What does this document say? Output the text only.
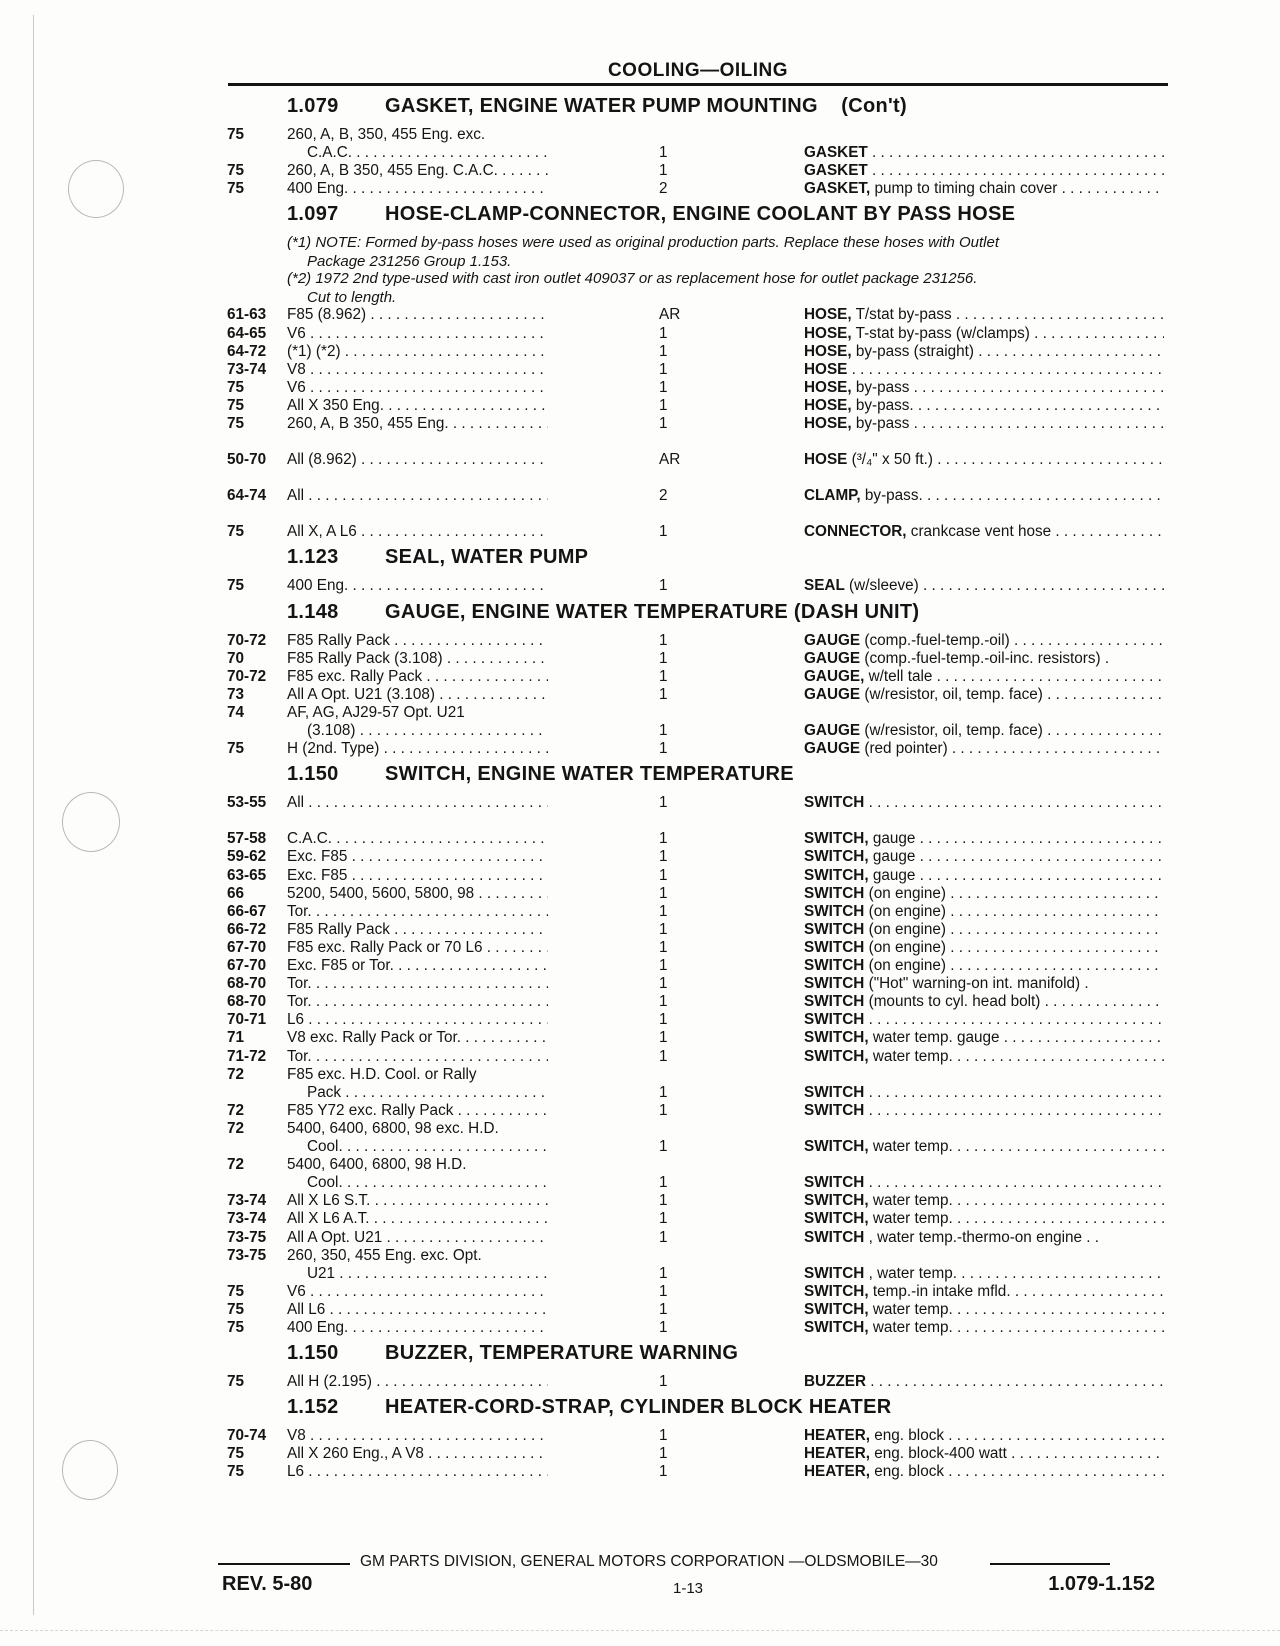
COOLING—OILING
1.079 GASKET, ENGINE WATER PUMP MOUNTING (Con't)
75	260, A, B, 350, 455 Eng. exc.
C.A.C. . . .	1	GASKET . . .
75	260, A, B 350, 455 Eng. C.A.C. . . .	1	GASKET . . .
75	400 Eng. . . .	2	GASKET, pump to timing chain cover . . .
1.097 HOSE-CLAMP-CONNECTOR, ENGINE COOLANT BY PASS HOSE
(*1) NOTE: Formed by-pass hoses were used as original production parts. Replace these hoses with Outlet
Package 231256 Group 1.153.
(*2) 1972 2nd type-used with cast iron outlet 409037 or as replacement hose for outlet package 231256.
Cut to length.
61-63 F85 (8.962) . . .	AR	HOSE, T/stat by-pass . . .
64-65 V6 . . .	1	HOSE, T-stat by-pass (w/clamps) . . .
64-72 (*1) (*2) . . .	1	HOSE, by-pass (straight) . . .
73-74 V8 . . .	1	HOSE . . .
75	V6 . . .	1	HOSE, by-pass . . .
75	All X 350 Eng. . . .	1	HOSE, by-pass. . . .
75	260, A, B 350, 455 Eng. . . .	1	HOSE, by-pass . . .
50-70 All (8.962) . . .	AR	HOSE (³/₄" x 50 ft.) . . .
64-74 All . . .	2	CLAMP, by-pass. . . .
75	All X, A L6 . . .	1	CONNECTOR, crankcase vent hose . . .
1.123 SEAL, WATER PUMP
75	400 Eng. . . .	1	SEAL (w/sleeve) . . .
1.148 GAUGE, ENGINE WATER TEMPERATURE (DASH UNIT)
70-72 F85 Rally Pack . . .	1	GAUGE (comp.-fuel-temp.-oil) . . .
70	F85 Rally Pack (3.108) . . .	1	GAUGE (comp.-fuel-temp.-oil-inc. resistors) .
70-72 F85 exc. Rally Pack . . .	1	GAUGE, w/tell tale . . .
73	All A Opt. U21 (3.108) . . .	1	GAUGE (w/resistor, oil, temp. face) . . .
74	AF, AG, AJ29-57 Opt. U21
(3.108) . . .	1	GAUGE (w/resistor, oil, temp. face) . . .
75	H (2nd. Type) . . .	1	GAUGE (red pointer) . . .
1.150 SWITCH, ENGINE WATER TEMPERATURE
53-55 All . . .	1	SWITCH . . .
57-58 C.A.C. . . .	1	SWITCH, gauge . . .
59-62 Exc. F85 . . .	1	SWITCH, gauge . . .
63-65 Exc. F85 . . .	1	SWITCH, gauge . . .
66	5200, 5400, 5600, 5800, 98 . . .	1	SWITCH (on engine) . . .
66-67 Tor. . . .	1	SWITCH (on engine) . . .
66-72 F85 Rally Pack . . .	1	SWITCH (on engine) . . .
67-70 F85 exc. Rally Pack or 70 L6 . . .	1	SWITCH (on engine) . . .
67-70 Exc. F85 or Tor. . . .	1	SWITCH (on engine) . . .
68-70 Tor. . . .	1	SWITCH ("Hot" warning-on int. manifold) .
68-70 Tor. . . .	1	SWITCH (mounts to cyl. head bolt) . . .
70-71 L6 . . .	1	SWITCH . . .
71	V8 exc. Rally Pack or Tor. . . .	1	SWITCH, water temp. gauge . . .
71-72 Tor. . . .	1	SWITCH, water temp. . . .
72	F85 exc. H.D. Cool. or Rally
Pack . . .	1	SWITCH . . .
72	F85 Y72 exc. Rally Pack . . .	1	SWITCH . . .
72	5400, 6400, 6800, 98 exc. H.D.
Cool. . . .	1	SWITCH, water temp. . . .
72	5400, 6400, 6800, 98 H.D.
Cool. . . .	1	SWITCH . . .
73-74 All X L6 S.T. . . .	1	SWITCH, water temp. . . .
73-74 All X L6 A.T. . . .	1	SWITCH, water temp. . . .
73-75 All A Opt. U21 . . .	1	SWITCH , water temp.-thermo-on engine . .
73-75 260, 350, 455 Eng. exc. Opt.
U21 . . .	1	SWITCH , water temp. . . .
75	V6 . . .	1	SWITCH, temp.-in intake mfld. . . .
75	All L6 . . .	1	SWITCH, water temp. . . .
75	400 Eng. . . .	1	SWITCH, water temp. . . .
1.150 BUZZER, TEMPERATURE WARNING
75	All H (2.195) . . .	1	BUZZER . . .
1.152 HEATER-CORD-STRAP, CYLINDER BLOCK HEATER
70-74 V8 . . .	1	HEATER, eng. block . . .
75	All X 260 Eng., A V8 . . .	1	HEATER, eng. block-400 watt . . .
75	L6 . . .	1	HEATER, eng. block . . .
GM PARTS DIVISION, GENERAL MOTORS CORPORATION —OLDSMOBILE—30
REV. 5-80	1-13	1.079-1.152
